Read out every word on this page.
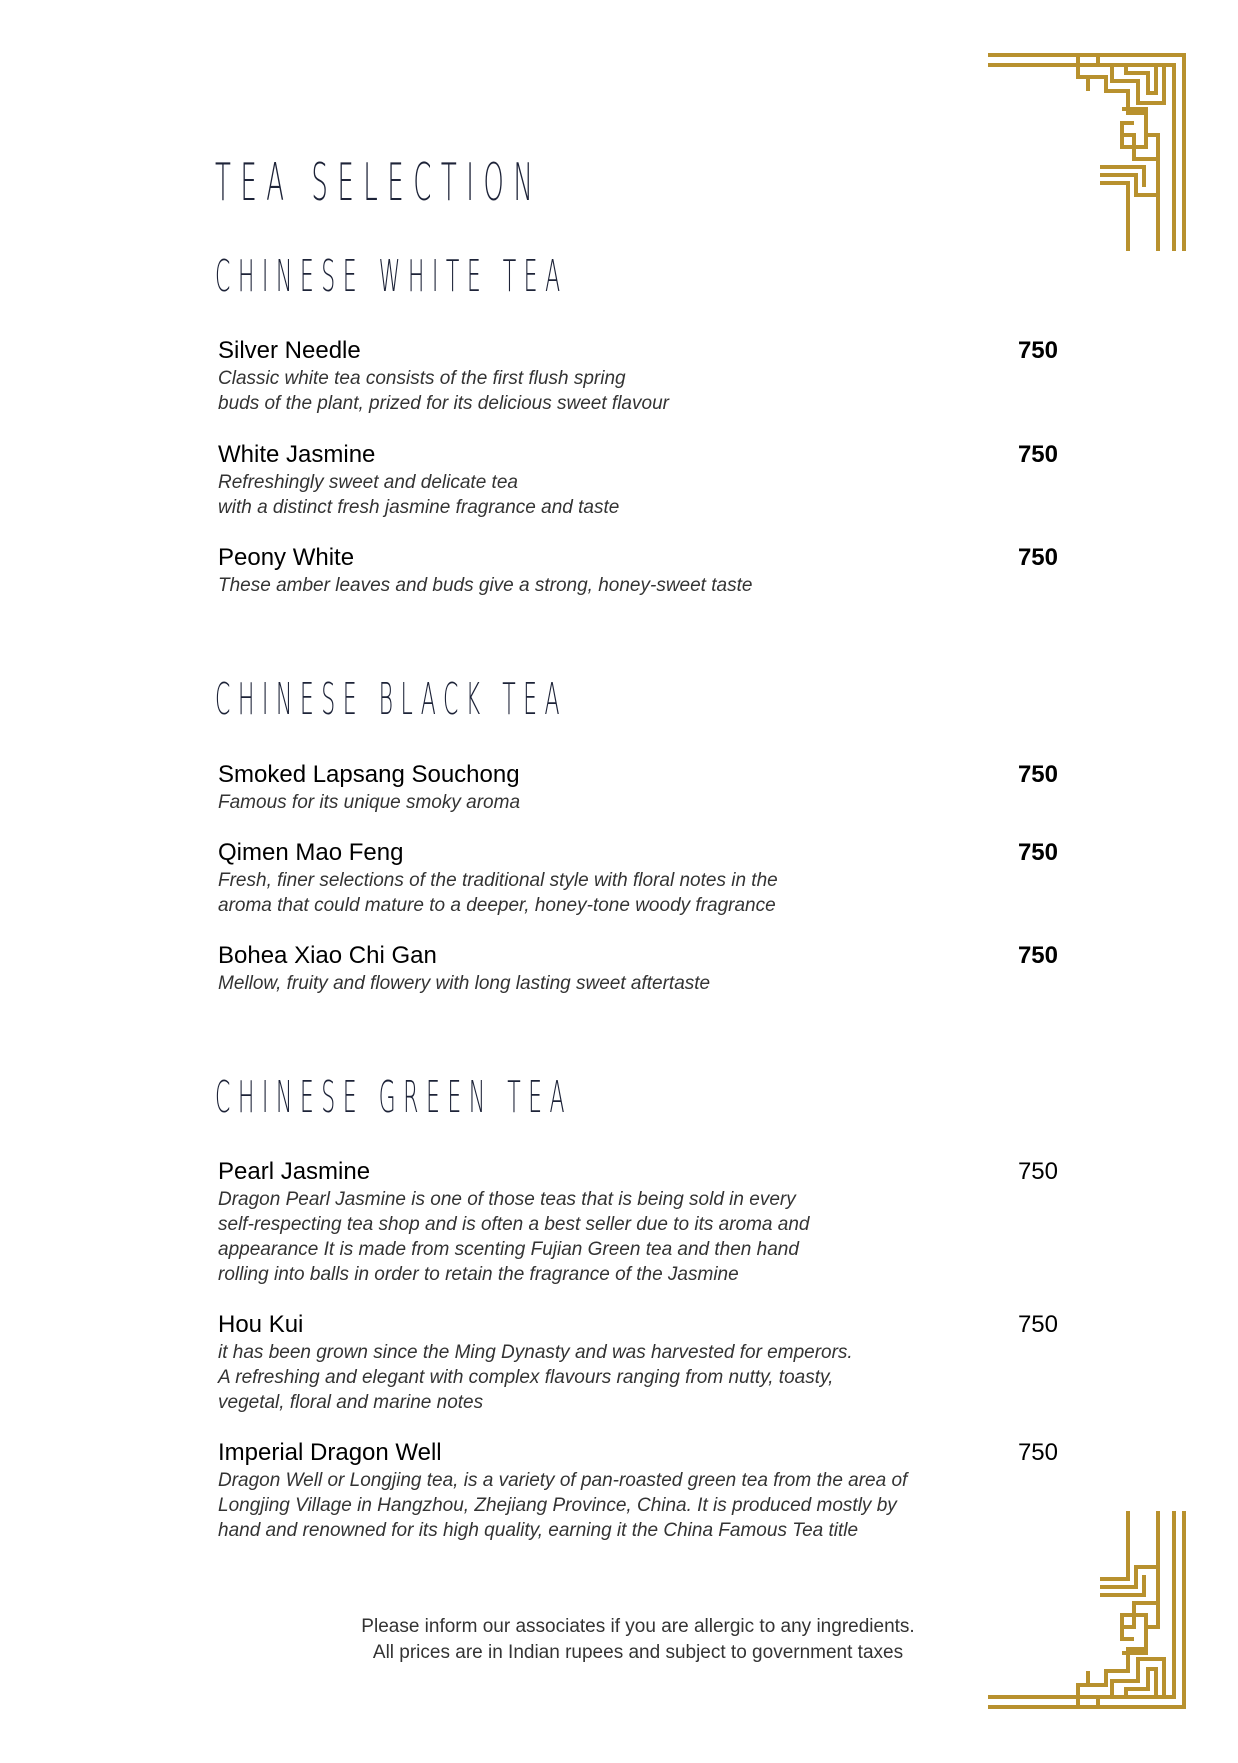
TEA SELECTION
CHINESE WHITE TEA
Silver Needle
Classic white tea consists of the first flush spring
buds of the plant, prized for its delicious sweet flavour
750
White Jasmine
Refreshingly sweet and delicate tea
with a distinct fresh jasmine fragrance and taste
750
Peony White
These amber leaves and buds give a strong, honey-sweet taste
750
CHINESE BLACK TEA
Smoked Lapsang Souchong
Famous for its unique smoky aroma
750
Qimen Mao Feng
Fresh, finer selections of the traditional style with floral notes in the
aroma that could mature to a deeper, honey-tone woody fragrance
750
Bohea Xiao Chi Gan
Mellow, fruity and flowery with long lasting sweet aftertaste
750
CHINESE GREEN TEA
Pearl Jasmine
Dragon Pearl Jasmine is one of those teas that is being sold in every
self-respecting tea shop and is often a best seller due to its aroma and
appearance It is made from scenting Fujian Green tea and then hand
rolling into balls in order to retain the fragrance of the Jasmine
750
Hou Kui
it has been grown since the Ming Dynasty and was harvested for emperors.
A refreshing and elegant with complex flavours ranging from nutty, toasty,
vegetal, floral and marine notes
750
Imperial Dragon Well
Dragon Well or Longjing tea, is a variety of pan-roasted green tea from the area of
Longjing Village in Hangzhou, Zhejiang Province, China. It is produced mostly by
hand and renowned for its high quality, earning it the China Famous Tea title
750
Please inform our associates if you are allergic to any ingredients.
All prices are in Indian rupees and subject to government taxes
